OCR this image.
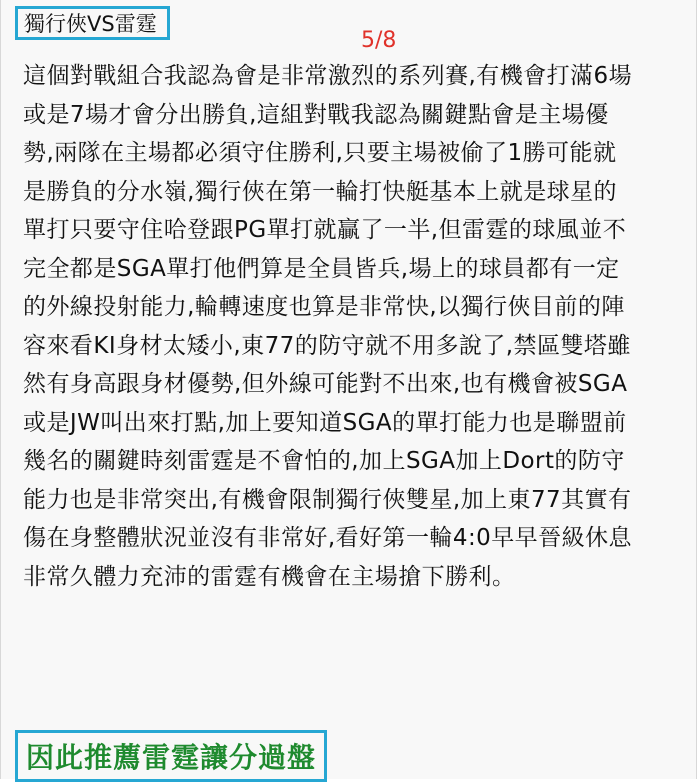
獨行俠VS雷霆
5/8

這個對戰組合我認為會是非常激烈的系列賽,有機會打滿6場
或是7場才會分出勝負,這組對戰我認為關鍵點會是主場優
勢,兩隊在主場都必須守住勝利,只要主場被偷了1勝可能就
是勝負的分水嶺,獨行俠在第一輪打快艇基本上就是球星的
單打只要守住哈登跟PG單打就贏了一半,但雷霆的球風並不
完全都是SGA單打他們算是全員皆兵,場上的球員都有一定
的外線投射能力,輪轉速度也算是非常快,以獨行俠目前的陣
容來看KI身材太矮小,東77的防守就不用多說了,禁區雙塔雖
然有身高跟身材優勢,但外線可能對不出來,也有機會被SGA
或是JW叫出來打點,加上要知道SGA的單打能力也是聯盟前
幾名的關鍵時刻雷霆是不會怕的,加上SGA加上Dort的防守
能力也是非常突出,有機會限制獨行俠雙星,加上東77其實有
傷在身整體狀況並沒有非常好,看好第一輪4:0早早晉級休息
非常久體力充沛的雷霆有機會在主場搶下勝利。

因此推薦雷霆讓分過盤
